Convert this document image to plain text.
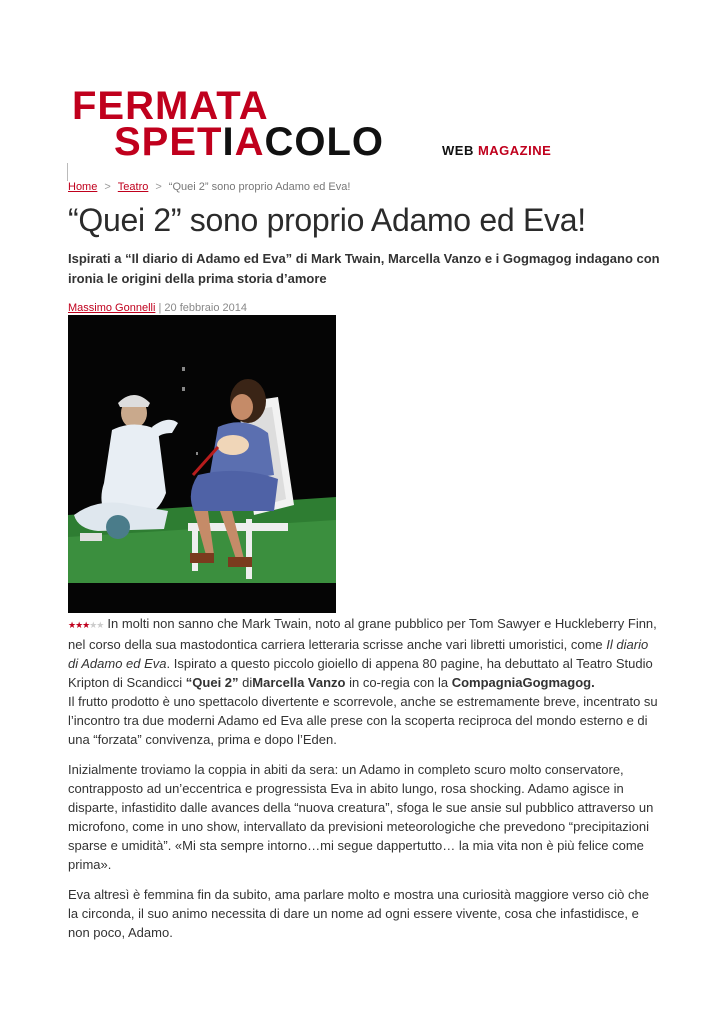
FERMATA
SPETIACOLO	WEB MAGAZINE
Home > Teatro > “Quei 2” sono proprio Adamo ed Eva!
“Quei 2” sono proprio Adamo ed Eva!

Ispirati a “Il diario di Adamo ed Eva” di Mark Twain, Marcella Vanzo e i Gogmagog indagano con ironia le origini della prima storia d’amore

Massimo Gonnelli | 20 febbraio 2014

★★★★★ In molti non sanno che Mark Twain, noto al grane pubblico per Tom Sawyer e Huckleberry Finn, nel corso della sua mastodontica carriera letteraria scrisse anche vari libretti umoristici, come Il diario di Adamo ed Eva. Ispirato a questo piccolo gioiello di appena 80 pagine, ha debuttato al Teatro Studio Kripton di Scandicci “Quei 2” diMarcella Vanzo in co-regia con la CompagniaGogmagog.
Il frutto prodotto è uno spettacolo divertente e scorrevole, anche se estremamente breve, incentrato su l’incontro tra due moderni Adamo ed Eva alle prese con la scoperta reciproca del mondo esterno e di una “forzata” convivenza, prima e dopo l’Eden.

Inizialmente troviamo la coppia in abiti da sera: un Adamo in completo scuro molto conservatore, contrapposto ad un’eccentrica e progressista Eva in abito lungo, rosa shocking. Adamo agisce in disparte, infastidito dalle avances della “nuova creatura”, sfoga le sue ansie sul pubblico attraverso un microfono, come in uno show, intervallato da previsioni meteorologiche che prevedono “precipitazioni sparse e umidità”. «Mi sta sempre intorno…mi segue dappertutto… la mia vita non è più felice come prima».

Eva altresì è femmina fin da subito, ama parlare molto e mostra una curiosità maggiore verso ciò che la circonda, il suo animo necessita di dare un nome ad ogni essere vivente, cosa che infastidisce, e non poco, Adamo.
